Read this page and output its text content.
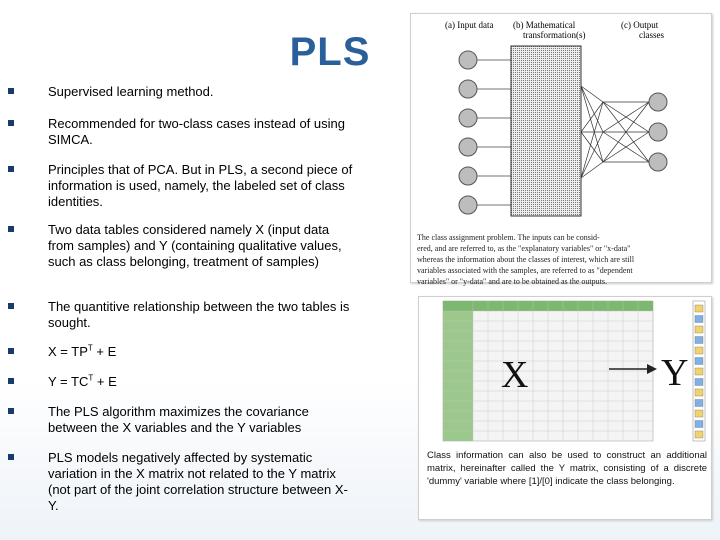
PLS
Supervised learning method.
Recommended for two-class cases instead of using SIMCA.
Principles that of PCA. But in PLS, a second piece of information is used, namely, the labeled set of class identities.
Two data tables considered namely X (input data from samples) and Y (containing qualitative values, such as class belonging, treatment of samples)
The quantitive relationship between the two tables is sought.
$X = TP^T + E$
$Y = TC^T + E$
The PLS algorithm maximizes the covariance between the X variables and the Y variables
PLS models negatively affected by systematic variation in the X matrix not related to the Y matrix (not part of the joint correlation structure between X-Y.
(a) Input data (b) Mathematical
transformation(s)
(c) Output
classes
The class assignment problem. The inputs can be consid-
ered, and are referred to, as the "explanatory variables" or "x-data"
whereas the information about the classes of interest, which are still
variables associated with the samples, are referred to as "dependent
variables" or "y-data" and are to be obtained as the outputs.
X	Y
Class information can also be used to construct an additional matrix, hereinafter called the Y matrix, consisting of a discrete 'dummy' variable where [1]/[0] indicate the class belonging.
